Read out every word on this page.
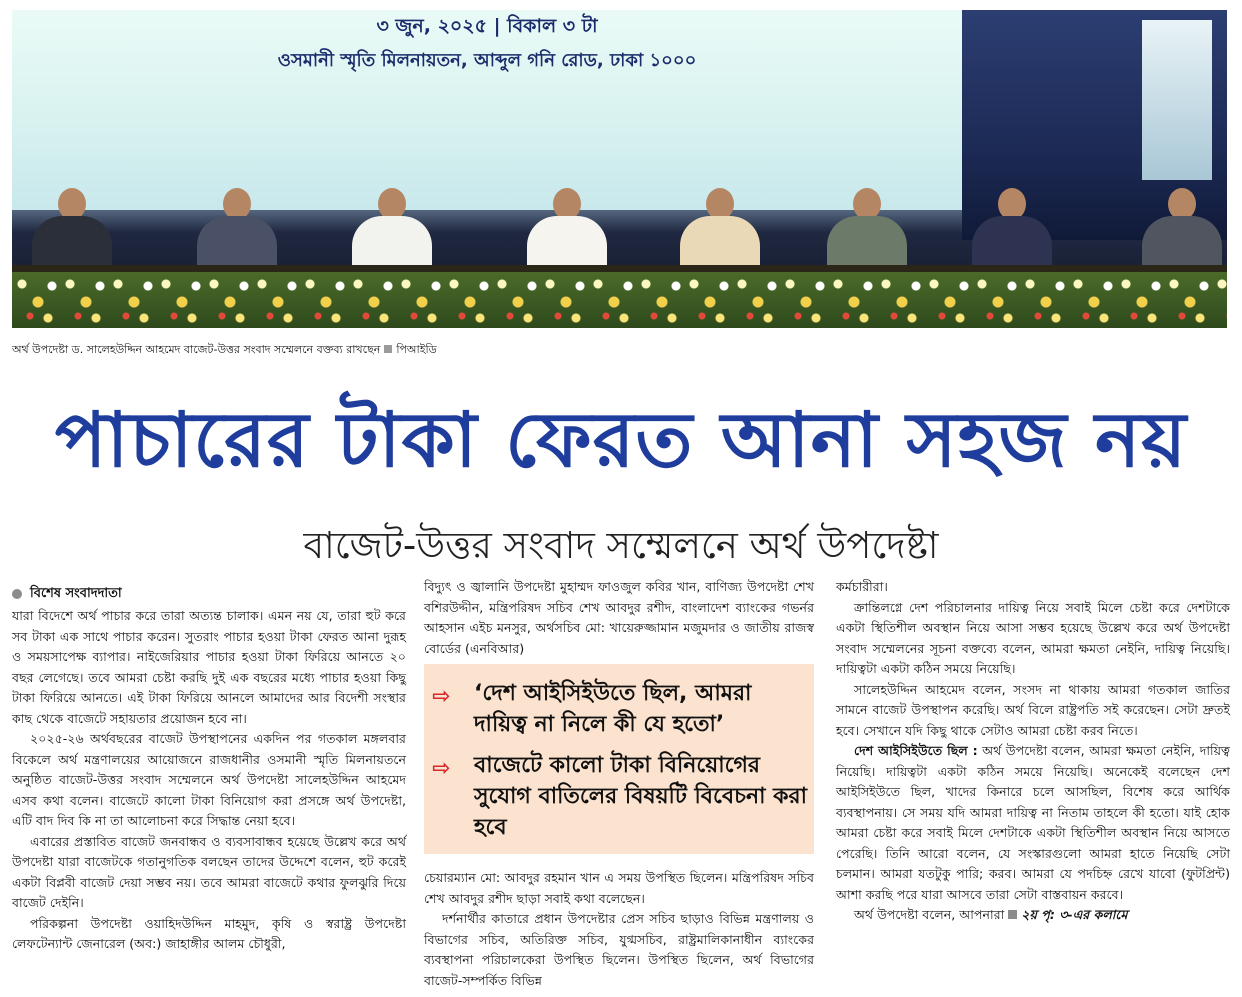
৩ জুন, ২০২৫ | বিকাল ৩ টা
ওসমানী স্মৃতি মিলনায়তন, আব্দুল গনি রোড, ঢাকা ১০০০
অর্থ উপদেষ্টা ড. সালেহউদ্দিন আহমেদ বাজেট-উত্তর সংবাদ সম্মেলনে বক্তব্য রাখছেন পিআইডি
পাচারের টাকা ফেরত আনা সহজ নয়
বাজেট-উত্তর সংবাদ সম্মেলনে অর্থ উপদেষ্টা
বিশেষ সংবাদদাতা

যারা বিদেশে অর্থ পাচার করে তারা অত্যন্ত চালাক। এমন নয় যে, তারা হুট করে সব টাকা এক সাথে পাচার করেন। সুতরাং পাচার হওয়া টাকা ফেরত আনা দুরূহ ও সময়সাপেক্ষ ব্যাপার। নাইজেরিয়ার পাচার হওয়া টাকা ফিরিয়ে আনতে ২০ বছর লেগেছে। তবে আমরা চেষ্টা করছি দুই এক বছরের মধ্যে পাচার হওয়া কিছু টাকা ফিরিয়ে আনতে। এই টাকা ফিরিয়ে আনলে আমাদের আর বিদেশী সংস্থার কাছ থেকে বাজেটে সহায়তার প্রয়োজন হবে না।

২০২৫-২৬ অর্থবছরের বাজেট উপস্থাপনের একদিন পর গতকাল মঙ্গলবার বিকেলে অর্থ মন্ত্রণালয়ের আয়োজনে রাজধানীর ওসমানী স্মৃতি মিলনায়তনে অনুষ্ঠিত বাজেট-উত্তর সংবাদ সম্মেলনে অর্থ উপদেষ্টা সালেহউদ্দিন আহমেদ এসব কথা বলেন। বাজেটে কালো টাকা বিনিয়োগ করা প্রসঙ্গে অর্থ উপদেষ্টা, এটি বাদ দিব কি না তা আলোচনা করে সিদ্ধান্ত নেয়া হবে।

এবারের প্রস্তাবিত বাজেট জনবান্ধব ও ব্যবসাবান্ধব হয়েছে উল্লেখ করে অর্থ উপদেষ্টা যারা বাজেটকে গতানুগতিক বলছেন তাদের উদ্দেশে বলেন, হুট করেই একটা বিপ্লবী বাজেট দেয়া সম্ভব নয়। তবে আমরা বাজেটে কথার ফুলঝুরি দিয়ে বাজেট দেইনি।

পরিকল্পনা উপদেষ্টা ওয়াহিদউদ্দিন মাহমুদ, কৃষি ও স্বরাষ্ট্র উপদেষ্টা লেফটেন্যান্ট জেনারেল (অব:) জাহাঙ্গীর আলম চৌধুরী,

বিদ্যুৎ ও জ্বালানি উপদেষ্টা মুহাম্মদ ফাওজুল কবির খান, বাণিজ্য উপদেষ্টা শেখ বশিরউদ্দীন, মন্ত্রিপরিষদ সচিব শেখ আবদুর রশীদ, বাংলাদেশ ব্যাংকের গভর্নর আহসান এইচ মনসুর, অর্থসচিব মো: খায়েরুজ্জামান মজুমদার ও জাতীয় রাজস্ব বোর্ডের (এনবিআর)

⇨ ‘দেশ আইসিইউতে ছিল, আমরা দায়িত্ব না নিলে কী যে হতো’
⇨ বাজেটে কালো টাকা বিনিয়োগের সুযোগ বাতিলের বিষয়টি বিবেচনা করা হবে

চেয়ারম্যান মো: আবদুর রহমান খান এ সময় উপস্থিত ছিলেন। মন্ত্রিপরিষদ সচিব শেখ আবদুর রশীদ ছাড়া সবাই কথা বলেছেন।

দর্শনার্থীর কাতারে প্রধান উপদেষ্টার প্রেস সচিব ছাড়াও বিভিন্ন মন্ত্রণালয় ও বিভাগের সচিব, অতিরিক্ত সচিব, যুগ্মসচিব, রাষ্ট্রমালিকানাধীন ব্যাংকের ব্যবস্থাপনা পরিচালকেরা উপস্থিত ছিলেন। উপস্থিত ছিলেন, অর্থ বিভাগের বাজেট-সম্পর্কিত বিভিন্ন

কর্মচারীরা।

ক্রান্তিলগ্নে দেশ পরিচালনার দায়িত্ব নিয়ে সবাই মিলে চেষ্টা করে দেশটাকে একটা স্থিতিশীল অবস্থান নিয়ে আসা সম্ভব হয়েছে উল্লেখ করে অর্থ উপদেষ্টা সংবাদ সম্মেলনের সূচনা বক্তব্যে বলেন, আমরা ক্ষমতা নেইনি, দায়িত্ব নিয়েছি। দায়িত্বটা একটা কঠিন সময়ে নিয়েছি।

সালেহউদ্দিন আহমেদ বলেন, সংসদ না থাকায় আমরা গতকাল জাতির সামনে বাজেট উপস্থাপন করেছি। অর্থ বিলে রাষ্ট্রপতি সই করেছেন। সেটা দ্রুতই হবে। সেখানে যদি কিছু থাকে সেটাও আমরা চেষ্টা করব নিতে।

দেশ আইসিইউতে ছিল : অর্থ উপদেষ্টা বলেন, আমরা ক্ষমতা নেইনি, দায়িত্ব নিয়েছি। দায়িত্বটা একটা কঠিন সময়ে নিয়েছি। অনেকেই বলেছেন দেশ আইসিইউতে ছিল, খাদের কিনারে চলে আসছিল, বিশেষ করে আর্থিক ব্যবস্থাপনায়। সে সময় যদি আমরা দায়িত্ব না নিতাম তাহলে কী হতো। যাই হোক আমরা চেষ্টা করে সবাই মিলে দেশটাকে একটা স্থিতিশীল অবস্থান নিয়ে আসতে পেরেছি। তিনি আরো বলেন, যে সংস্কারগুলো আমরা হাতে নিয়েছি সেটা চলমান। আমরা যতটুকু পারি; করব। আমরা যে পদচিহ্ন রেখে যাবো (ফুটপ্রিন্ট) আশা করছি পরে যারা আসবে তারা সেটা বাস্তবায়ন করবে।

অর্থ উপদেষ্টা বলেন, আপনারা ২য় পৃ: ৩-এর কলামে
